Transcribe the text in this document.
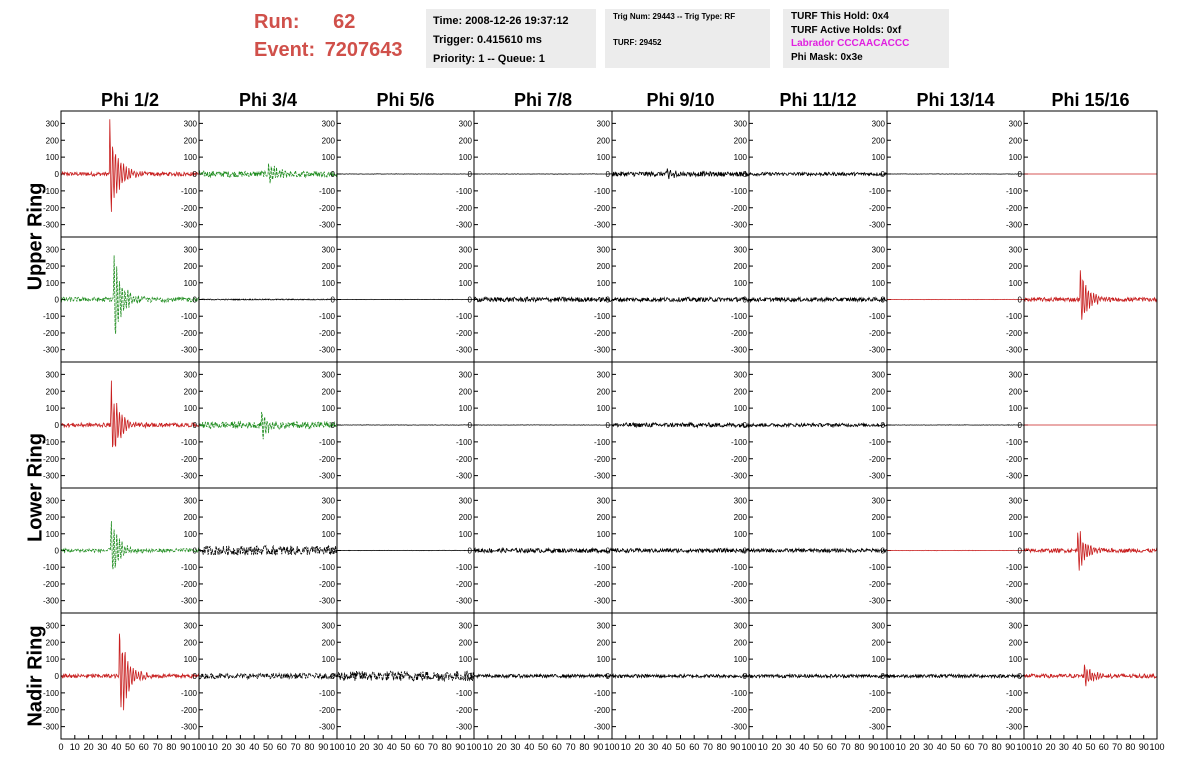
Run: 62
Event: 7207643
Time: 2008-12-26 19:37:12
Trigger: 0.415610 ms
Priority: 1 -- Queue: 1
Trig Num: 29443 -- Trig Type: RF
TURF: 29452
TURF This Hold: 0x4
TURF Active Holds: 0xf
Labrador CCCAACACCC
Phi Mask: 0x3e
Phi 1/2	Phi 3/4	Phi 5/6	Phi 7/8	Phi 9/10	Phi 11/12	Phi 13/14	Phi 15/16
Upper Ring
Lower Ring
Nadir Ring
300
200
100
0
-100
-200
-300
300
200
100
0
-100
-200
-300
300
200
100
0
-100
-200
-300
300
200
100
0
-100
-200
-300
300
200
100
0
-100
-200
-300
300
200
100
0
-100
-200
-300
300
200
100
0
-100
-200
-300
300
200
100
0
-100
-200
-300
300
200
100
0
-100
-200
-300
300
200
100
0
-100
-200
-300
300
200
100
0
-100
-200
-300
300
200
100
0
-100
-200
-300
300
200
100
0
-100
-200
-300
300
200
100
0
-100
-200
-300
300
200
100
0
-100
-200
-300
300
200
100
0
-100
-200
-300
300
200
100
0
-100
-200
-300
300
200
100
0
-100
-200
-300
300
200
100
0
-100
-200
-300
300
200
100
0
-100
-200
-300
300
200
100
0
-100
-200
-300
300
200
100
0
-100
-200
-300
300
200
100
0
-100
-200
-300
300
200
100
0
-100
-200
-300
300
200
100
0
-100
-200
-300
300
200
100
0
-100
-200
-300
300
200
100
0
-100
-200
-300
300
200
100
0
-100
-200
-300
300
200
100
0
-100
-200
-300
300
200
100
0
-100
-200
-300
300
200
100
0
-100
-200
-300
300
200
100
0
-100
-200
-300
300
200
100
0
-100
-200
-300
300
200
100
0
-100
-200
-300
300
200
100
0
-100
-200
-300
300
200
100
0
-100
-200
-300
300
200
100
0
-100
-200
-300
300
200
100
0
-100
-200
-300
300
200
100
0
-100
-200
-300
300
200
100
0
-100
-200
-300
0 10 20 30 40 50 60 70 80 90 100 10 20 30 40 50 60 70 80 90 100 10 20 30 40 50 60 70 80 90 100 10 20 30 40 50 60 70 80 90 100 10 20 30 40 50 60 70 80 90 100 10 20 30 40 50 60 70 80 90 100 10 20 30 40 50 60 70 80 90 100 10 20 30 40 50 60 70 80 90 100
